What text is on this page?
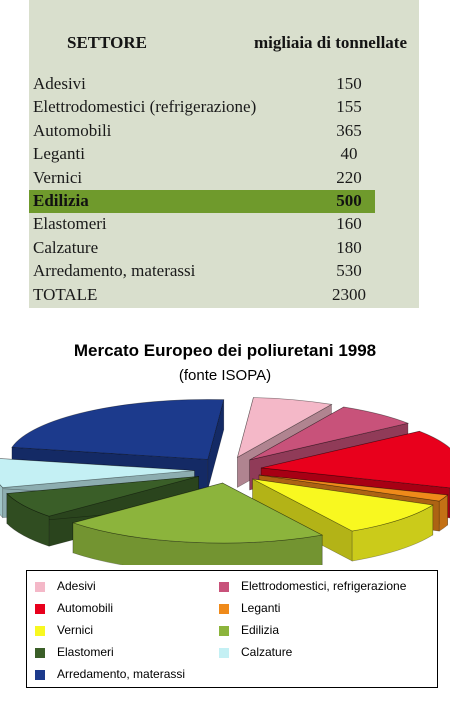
SETTORE	migliaia di tonnellate
Adesivi	150
Elettrodomestici (refrigerazione)	155
Automobili	365
Leganti	40
Vernici	220
Edilizia	500
Elastomeri	160
Calzature	180
Arredamento, materassi	530
TOTALE	2300
Mercato Europeo dei poliuretani 1998
(fonte ISOPA)
Adesivi	Elettrodomestici, refrigerazione
Automobili	Leganti
Vernici	Edilizia
Elastomeri	Calzature
Arredamento, materassi
